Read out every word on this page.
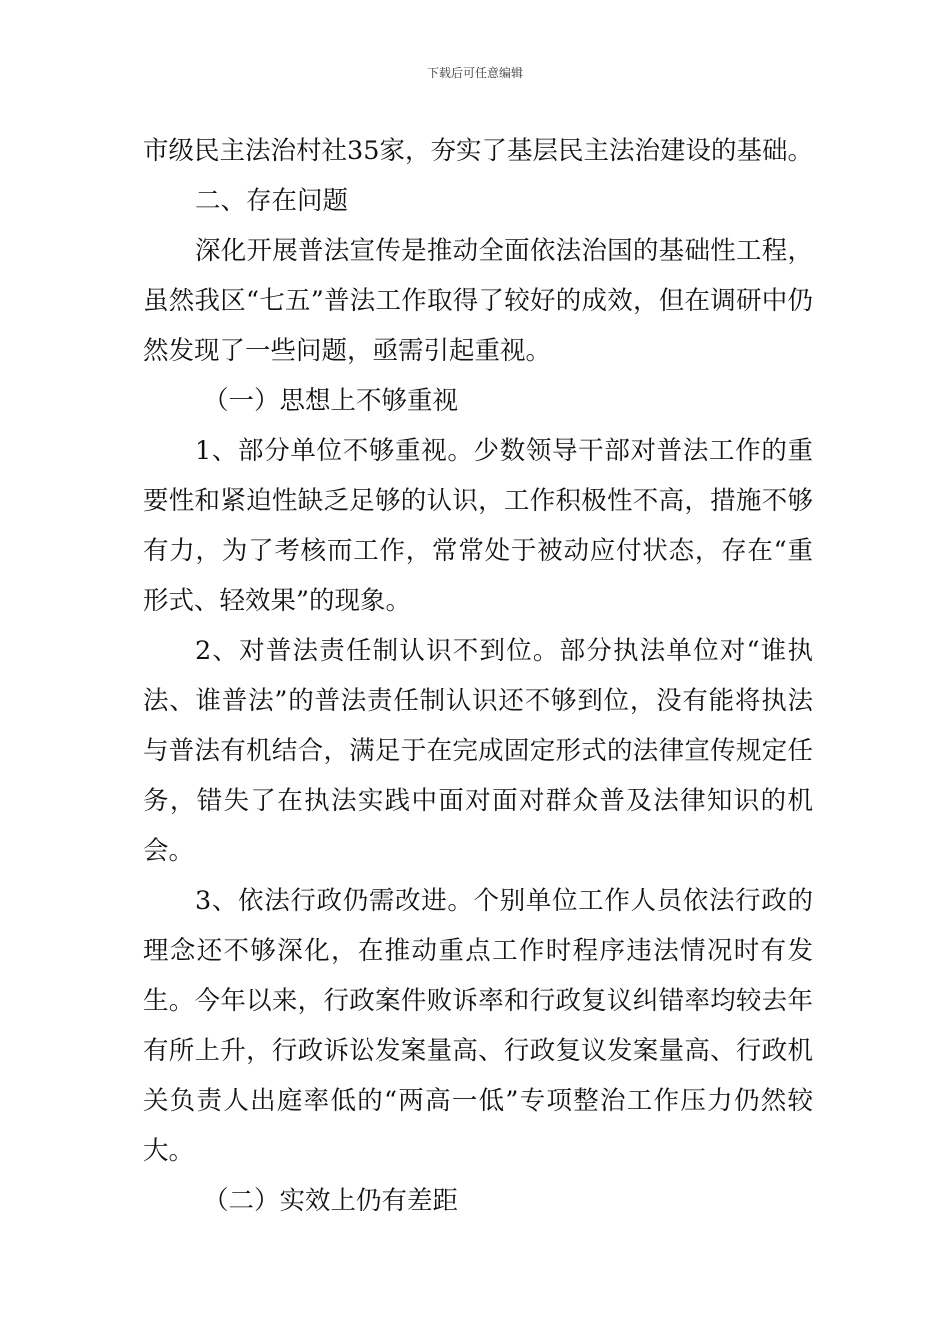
下载后可任意编辑

市级民主法治村社35家，夯实了基层民主法治建设的基础。

二、存在问题

深化开展普法宣传是推动全面依法治国的基础性工程，虽然我区“七五”普法工作取得了较好的成效，但在调研中仍然发现了一些问题，亟需引起重视。

（一）思想上不够重视

1、部分单位不够重视。少数领导干部对普法工作的重要性和紧迫性缺乏足够的认识，工作积极性不高，措施不够有力，为了考核而工作，常常处于被动应付状态，存在“重形式、轻效果”的现象。

2、对普法责任制认识不到位。部分执法单位对“谁执法、谁普法”的普法责任制认识还不够到位，没有能将执法与普法有机结合，满足于在完成固定形式的法律宣传规定任务，错失了在执法实践中面对面对群众普及法律知识的机会。

3、依法行政仍需改进。个别单位工作人员依法行政的理念还不够深化，在推动重点工作时程序违法情况时有发生。今年以来，行政案件败诉率和行政复议纠错率均较去年有所上升，行政诉讼发案量高、行政复议发案量高、行政机关负责人出庭率低的“两高一低”专项整治工作压力仍然较大。

（二）实效上仍有差距
